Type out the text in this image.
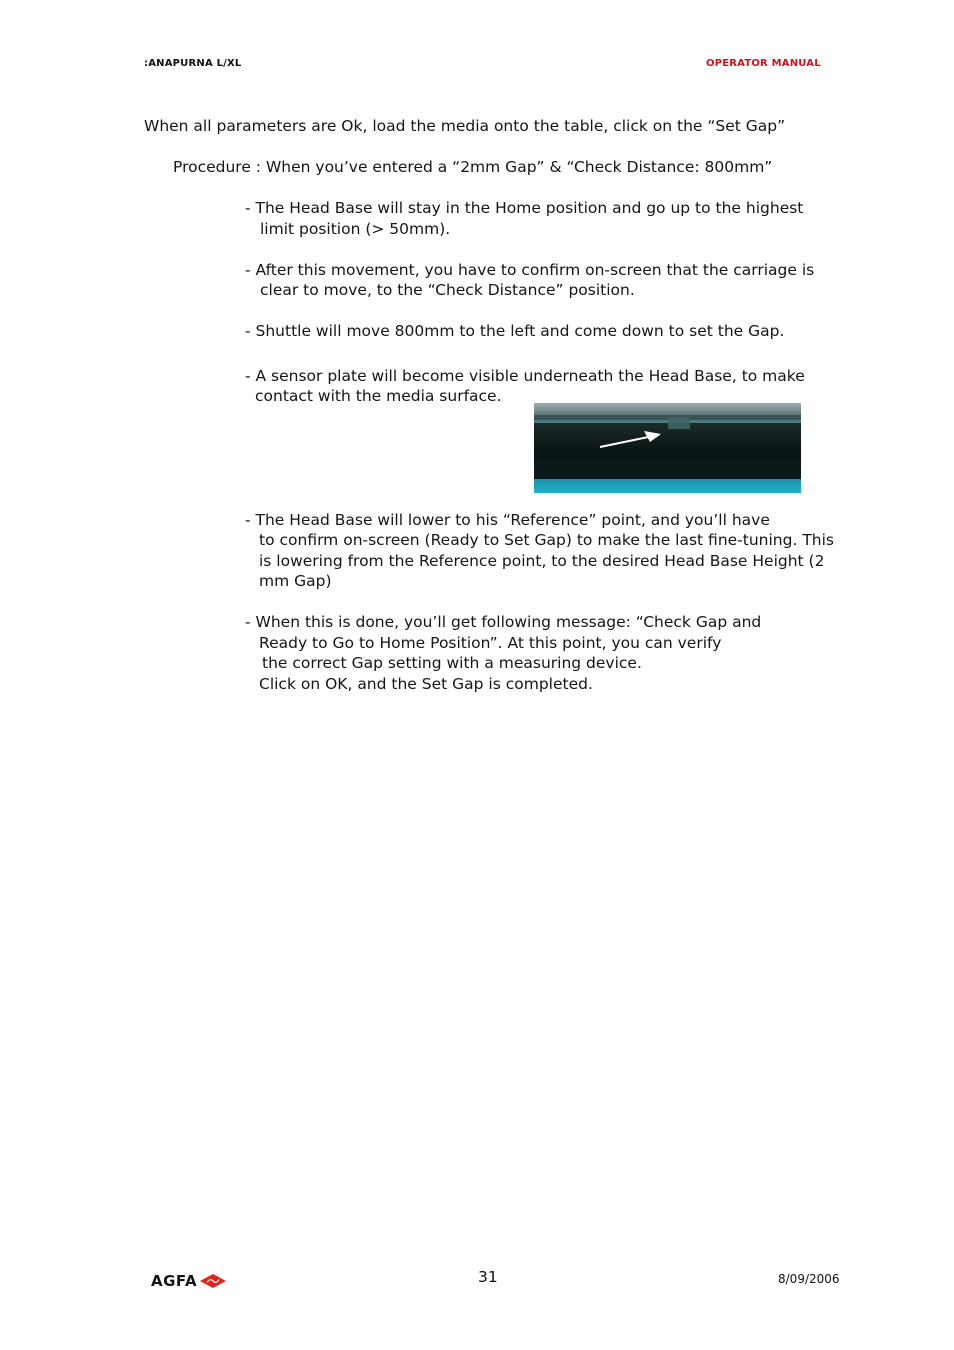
:ANAPURNA L/XL	OPERATOR MANUAL
When all parameters are Ok, load the media onto the table, click on the “Set Gap”
Procedure : When you’ve entered a “2mm Gap” & “Check Distance: 800mm”
- The Head Base will stay in the Home position and go up to the highest
limit position (> 50mm).
- After this movement, you have to confirm on-screen that the carriage is
clear to move, to the “Check Distance” position.
- Shuttle will move 800mm to the left and come down to set the Gap.
- A sensor plate will become visible underneath the Head Base, to make
contact with the media surface.
- The Head Base will lower to his “Reference” point, and you’ll have
to confirm on-screen (Ready to Set Gap) to make the last fine-tuning. This
is lowering from the Reference point, to the desired Head Base Height (2
mm Gap)
- When this is done, you’ll get following message: “Check Gap and
Ready to Go to Home Position”. At this point, you can verify
the correct Gap setting with a measuring device.
Click on OK, and the Set Gap is completed.
AGFA	31	8/09/2006
